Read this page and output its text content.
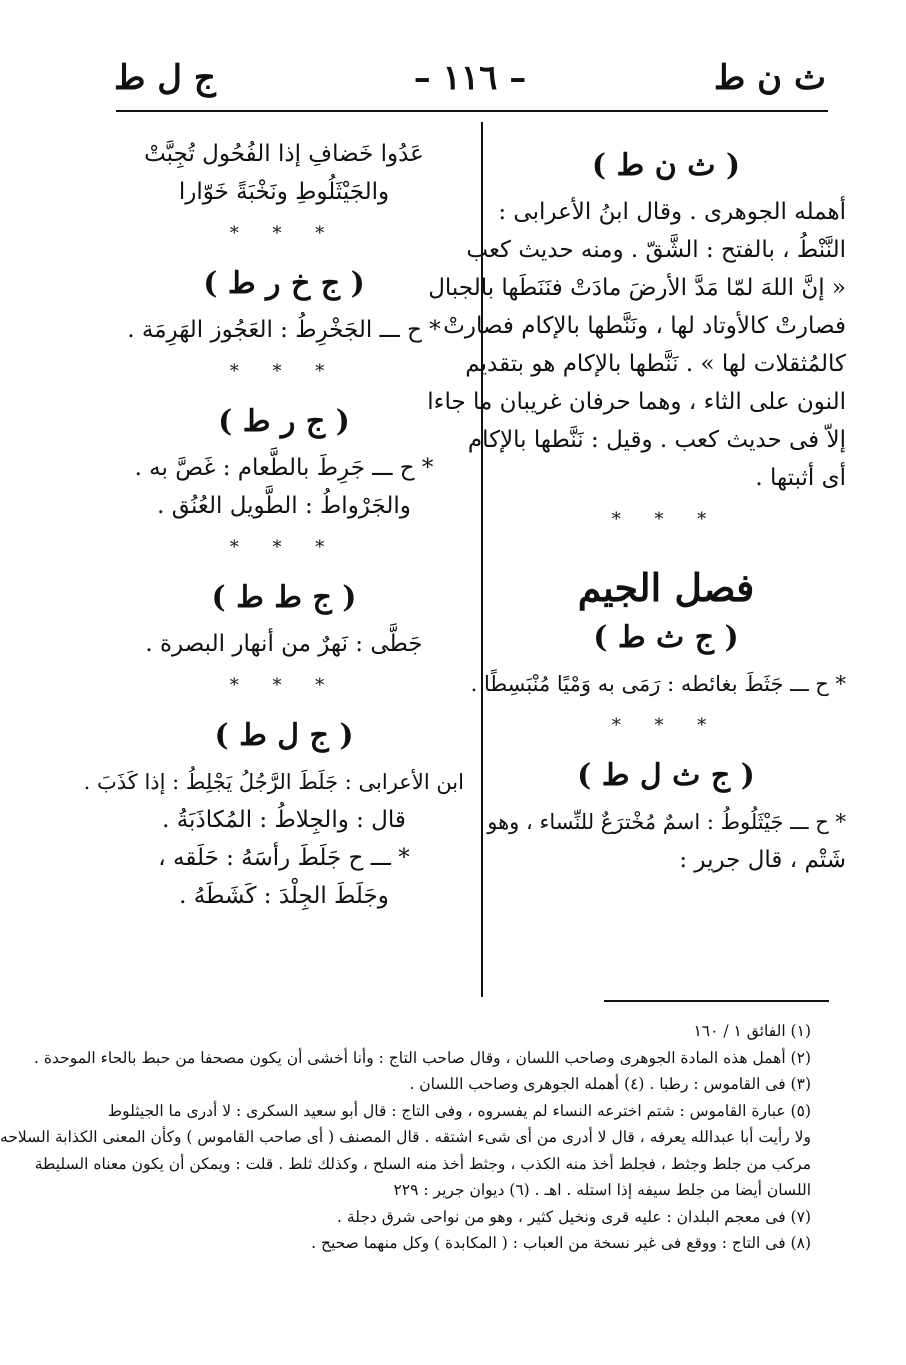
ث ن ط
– ١١٦ –
ج ل ط
( ث ن ط )
أهمله الجوهرى . وقال ابنُ الأعرابى :
النَّنْطُ ، بالفتح : الشَّقّ . ومنه حديث كعب
« إنَّ اللهَ لمّا مَدَّ الأرضَ مادَتْ فنَنَطَها بالجبال
فصارتْ كالأوتاد لها ، ونَنَّطها بالإكام فصارتْ
كالمُثقلات لها » . نَنَّطها بالإكام هو بتقديم
النون على الثاء ، وهما حرفان غريبان ما جاءا
إلاّ فى حديث كعب . وقيل : نَنَّطها بالإكام
أى أثبتها .
* * *
فصل الجيم
( ج ث ط )
* ح ـــ جَثَطَ بغائطه : رَمَى به وَمْيًا مُنْبَسِطًا .
* * *
( ج ث ل ط )
* ح ـــ جَيْثَلُوطُ : اسمٌ مُخْترَعٌ للنِّساء ، وهو
شَتْم ، قال جرير :
عَدُوا خَضافِ إذا الفُحُول تُجِبَّتْ
والجَيْثَلُوطِ ونَخْبَةً خَوّارا
* * *
( ج خ ر ط )
* ح ـــ الجَخْرِطُ : العَجُوز الهَرِمَة .
* * *
( ج ر ط )
* ح ـــ جَرِطَ بالطَّعام : غَصَّ به .
والجَرْواطُ : الطَّويل العُنُق .
* * *
( ج ط ط )
جَطَّى : نَهرٌ من أنهار البصرة .
* * *
( ج ل ط )
ابن الأعرابى : جَلَطَ الرَّجُلُ يَجْلِطُ : إذا كَذَبَ .
قال : والجِلاطُ : المُكاذَبَةُ .
* ـــ ح جَلَطَ رأسَهُ : حَلَقه ،
وجَلَطَ الجِلْدَ : كَشَطَهُ .
(١) الفائق ١ / ١٦٠
(٢) أهمل هذه المادة الجوهرى وصاحب اللسان ، وقال صاحب التاج : وأنا أخشى أن يكون مصحفا من حبط بالحاء الموحدة .
(٣) فى القاموس : رطبا . (٤) أهمله الجوهرى وصاحب اللسان .
(٥) عبارة القاموس : شتم اخترعه النساء لم يفسروه ، وفى التاج : قال أبو سعيد السكرى : لا أدرى ما الجيثلوط
ولا رأيت أبا عبدالله يعرفه ، قال لا أدرى من أى شىء اشتقه . قال المصنف ( أى صاحب القاموس ) وكأن المعنى الكذابة السلاحه
مركب من جلط وجثط ، فجلط أخذ منه الكذب ، وجثط أخذ منه السلح ، وكذلك ثلط . قلت : ويمكن أن يكون معناه السليطة
اللسان أيضا من جلط سيفه إذا استله . اهـ . (٦) ديوان جرير : ٢٢٩
(٧) فى معجم البلدان : عليه قرى ونخيل كثير ، وهو من نواحى شرق دجلة .
(٨) فى التاج : ووقع فى غير نسخة من العباب : ( المكابدة ) وكل منهما صحيح .
